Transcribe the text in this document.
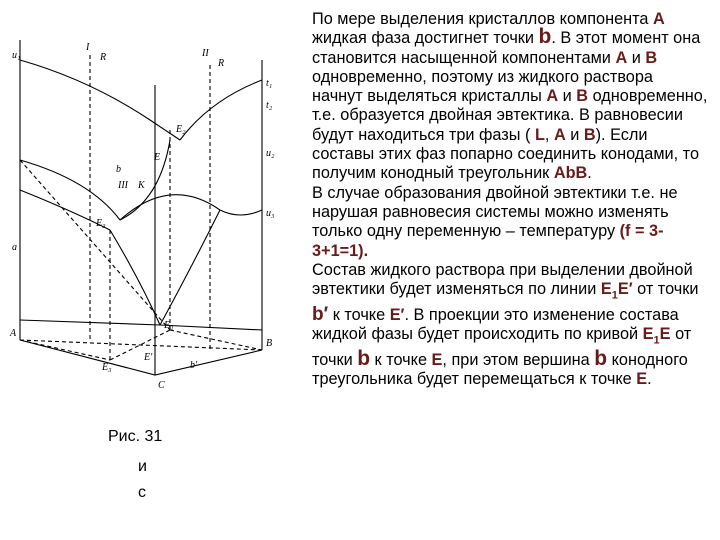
u₁
I
R	II
R
t₁
t₂
E₂
u₂
E
b
III K
u₃
E₃
a
E₁
B
A
E'
E₃	b'
C
Рис. 31
и
с

По мере выделения кристаллов компонента А жидкая фаза достигнет точки b. В этот момент она становится насыщенной компонентами А и В одновременно, поэтому из жидкого раствора начнут выделяться кристаллы А и В одновременно, т.е. образуется двойная эвтектика. В равновесии будут находиться три фазы ( L, А и В). Если составы этих фаз попарно соединить конодами, то получим конодный треугольник АbВ.

В случае образования двойной эвтектики т.е. не нарушая равновесия системы можно изменять только одну переменную – температуру (f = 3-3+1=1).

Состав жидкого раствора при выделении двойной эвтектики будет изменяться по линии $E_1E'$ от точки b′ к точке E′. В проекции это изменение состава жидкой фазы будет происходить по кривой $E_1E$ от точки b к точке E, при этом вершина b конодного треугольника будет перемещаться к точке E.
